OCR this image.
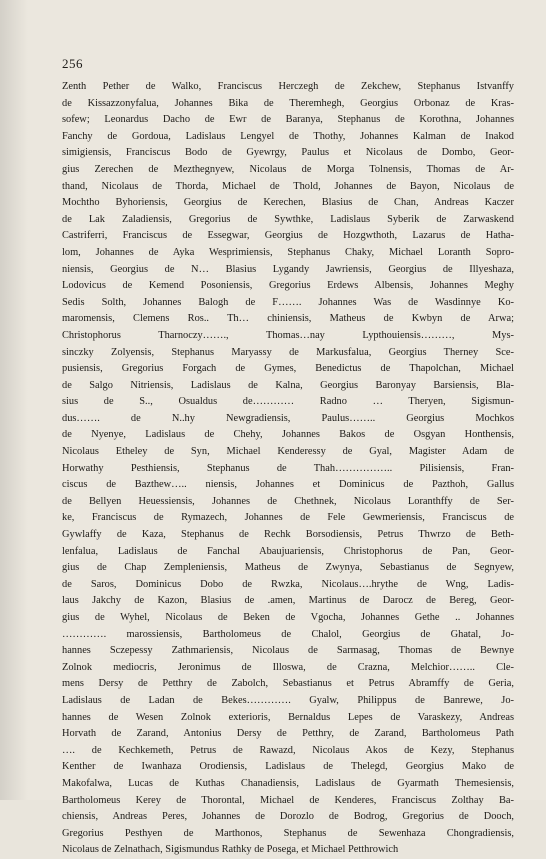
256
Zenth Pether de Walko, Franciscus Herczegh de Zekchew, Stephanus Istvanffy
de Kissazzonyfalua, Johannes Bika de Theremhegh, Georgius Orbonaz de Kras-
sofew; Leonardus Dacho de Ewr de Baranya, Stephanus de Korothna, Johannes
Fanchy de Gordoua, Ladislaus Lengyel de Thothy, Johannes Kalman de Inakod
simigiensis, Franciscus Bodo de Gyewrgy, Paulus et Nicolaus de Dombo, Geor-
gius Zerechen de Mezthegnyew, Nicolaus de Morga Tolnensis, Thomas de Ar-
thand, Nicolaus de Thorda, Michael de Thold, Johannes de Bayon, Nicolaus de
Mochtho Byhoriensis, Georgius de Kerechen, Blasius de Chan, Andreas Kaczer
de Lak Zaladiensis, Gregorius de Sywthke, Ladislaus Syberik de Zarwaskend
Castriferri, Franciscus de Essegwar, Georgius de Hozgwthoth, Lazarus de Hatha-
lom, Johannes de Ayka Wesprimiensis, Stephanus Chaky, Michael Loranth Sopro-
niensis, Georgius de N… Blasius Lygandy Jawriensis, Georgius de Illyeshaza,
Lodovicus de Kemend Posoniensis, Gregorius Erdews Albensis, Johannes Meghy
Sedis Solth, Johannes Balogh de F……. Johannes Was de Wasdinnye Ko-
maromensis, Clemens Ros.. Th… chiniensis, Matheus de Kwbyn de Arwa;
Christophorus Tharnoczy……., Thomas…nay Lypthouiensis………, Mys-
sinczky Zolyensis, Stephanus Maryassy de Markusfalua, Georgius Therney Sce-
pusiensis, Gregorius Forgach de Gymes, Benedictus de Thapolchan, Michael
de Salgo Nitriensis, Ladislaus de Kalna, Georgius Baronyay Barsiensis, Bla-
sius de S.., Osualdus de………… Radno … Theryen, Sigismun-
dus……. de N..hy Newgradiensis, Paulus…….. Georgius Mochkos
de Nyenye, Ladislaus de Chehy, Johannes Bakos de Osgyan Honthensis,
Nicolaus Etheley de Syn, Michael Kenderessy de Gyal, Magister Adam de
Horwathy Pesthiensis, Stephanus de Thah…………….. Pilisiensis, Fran-
ciscus de Bazthew….. niensis, Johannes et Dominicus de Pazthoh, Gallus
de Bellyen Heuessiensis, Johannes de Chethnek, Nicolaus Loranthffy de Ser-
ke, Franciscus de Rymazech, Johannes de Fele Gewmeriensis, Franciscus de
Gywlaffy de Kaza, Stephanus de Rechk Borsodiensis, Petrus Thwrzo de Beth-
lenfalua, Ladislaus de Fanchal Abaujuariensis, Christophorus de Pan, Geor-
gius de Chap Zempleniensis, Matheus de Zwynya, Sebastianus de Segnyew,
de Saros, Dominicus Dobo de Rwzka, Nicolaus….hrythe de Wng, Ladis-
laus Jakchy de Kazon, Blasius de .amen, Martinus de Darocz de Bereg, Geor-
gius de Wyhel, Nicolaus de Beken de Vgocha, Johannes Gethe .. Johannes
…………. marossiensis, Bartholomeus de Chalol, Georgius de Ghatal, Jo-
hannes Sczepessy Zathmariensis, Nicolaus de Sarmasag, Thomas de Bewnye
Zolnok mediocris, Jeronimus de Illoswa, de Crazna, Melchior…….. Cle-
mens Dersy de Petthry de Zabolch, Sebastianus et Petrus Abramffy de Geria,
Ladislaus de Ladan de Bekes…………. Gyalw, Philippus de Banrewe, Jo-
hannes de Wesen Zolnok exterioris, Bernaldus Lepes de Varaskezy, Andreas
Horvath de Zarand, Antonius Dersy de Petthry, de Zarand, Bartholomeus Path
…. de Kechkemeth, Petrus de Rawazd, Nicolaus Akos de Kezy, Stephanus
Kenther de Iwanhaza Orodiensis, Ladislaus de Thelegd, Georgius Mako de
Makofalwa, Lucas de Kuthas Chanadiensis, Ladislaus de Gyarmath Themesiensis,
Bartholomeus Kerey de Thorontal, Michael de Kenderes, Franciscus Zolthay Ba-
chiensis, Andreas Peres, Johannes de Dorozlo de Bodrog, Gregorius de Dooch,
Gregorius Pesthyen de Marthonos, Stephanus de Sewenhaza Chongradiensis,
Nicolaus de Zelnathach, Sigismundus Rathky de Posega, et Michael Petthrowich
